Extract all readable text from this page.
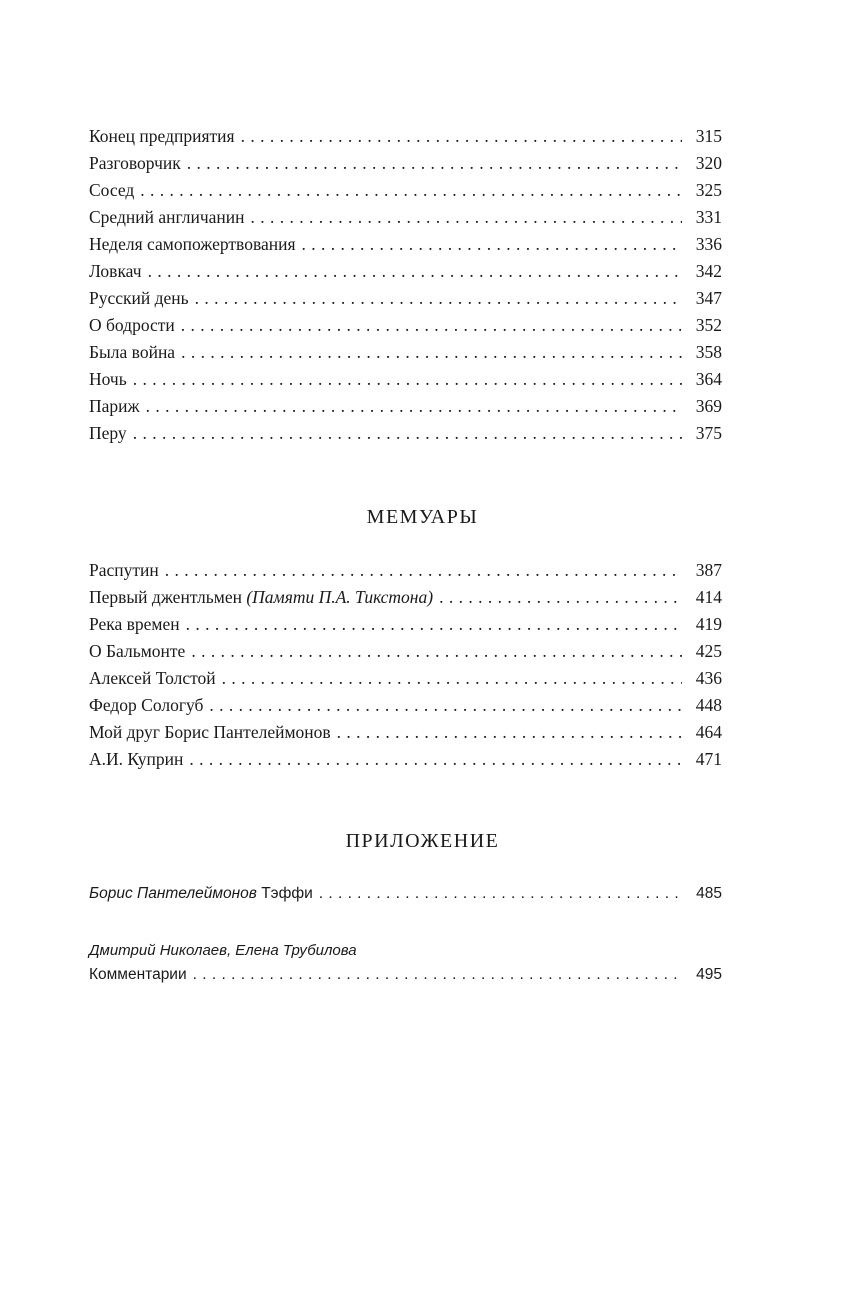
Конец предприятия . . .	315
Разговорчик . . .	320
Сосед . . .	325
Средний англичанин . . .	331
Неделя самопожертвования . . .	336
Ловкач . . .	342
Русский день . . .	347
О бодрости . . .	352
Была война . . .	358
Ночь . . .	364
Париж . . .	369
Перу . . .	375
МЕМУАРЫ
Распутин . . .	387
Первый джентльмен (Памяти П.А. Тикстона) . . .	414
Река времен . . .	419
О Бальмонте . . .	425
Алексей Толстой . . .	436
Федор Сологуб . . .	448
Мой друг Борис Пантелеймонов . . .	464
А.И. Куприн . . .	471
ПРИЛОЖЕНИЕ
Борис Пантелеймонов Тэффи . . .	485
Дмитрий Николаев, Елена Трубилова
Комментарии . . .	495
